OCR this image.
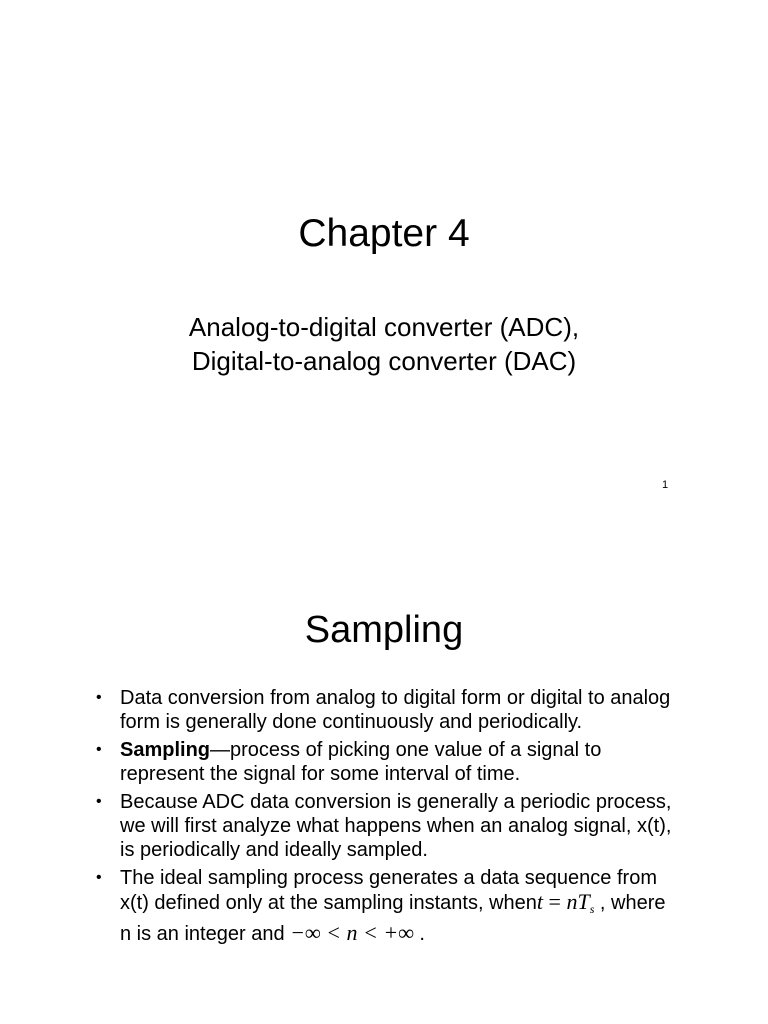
Chapter 4
Analog-to-digital converter (ADC),
Digital-to-analog converter (DAC)
1
Sampling
• Data conversion from analog to digital form or digital to analog form is generally done continuously and periodically.
• Sampling—process of picking one value of a signal to represent the signal for some interval of time.
• Because ADC data conversion is generally a periodic process, we will first analyze what happens when an analog signal, x(t), is periodically and ideally sampled.
• The ideal sampling process generates a data sequence from x(t) defined only at the sampling instants, whent = $nT_s$ , where n is an integer and −∞ < n < +∞ .
